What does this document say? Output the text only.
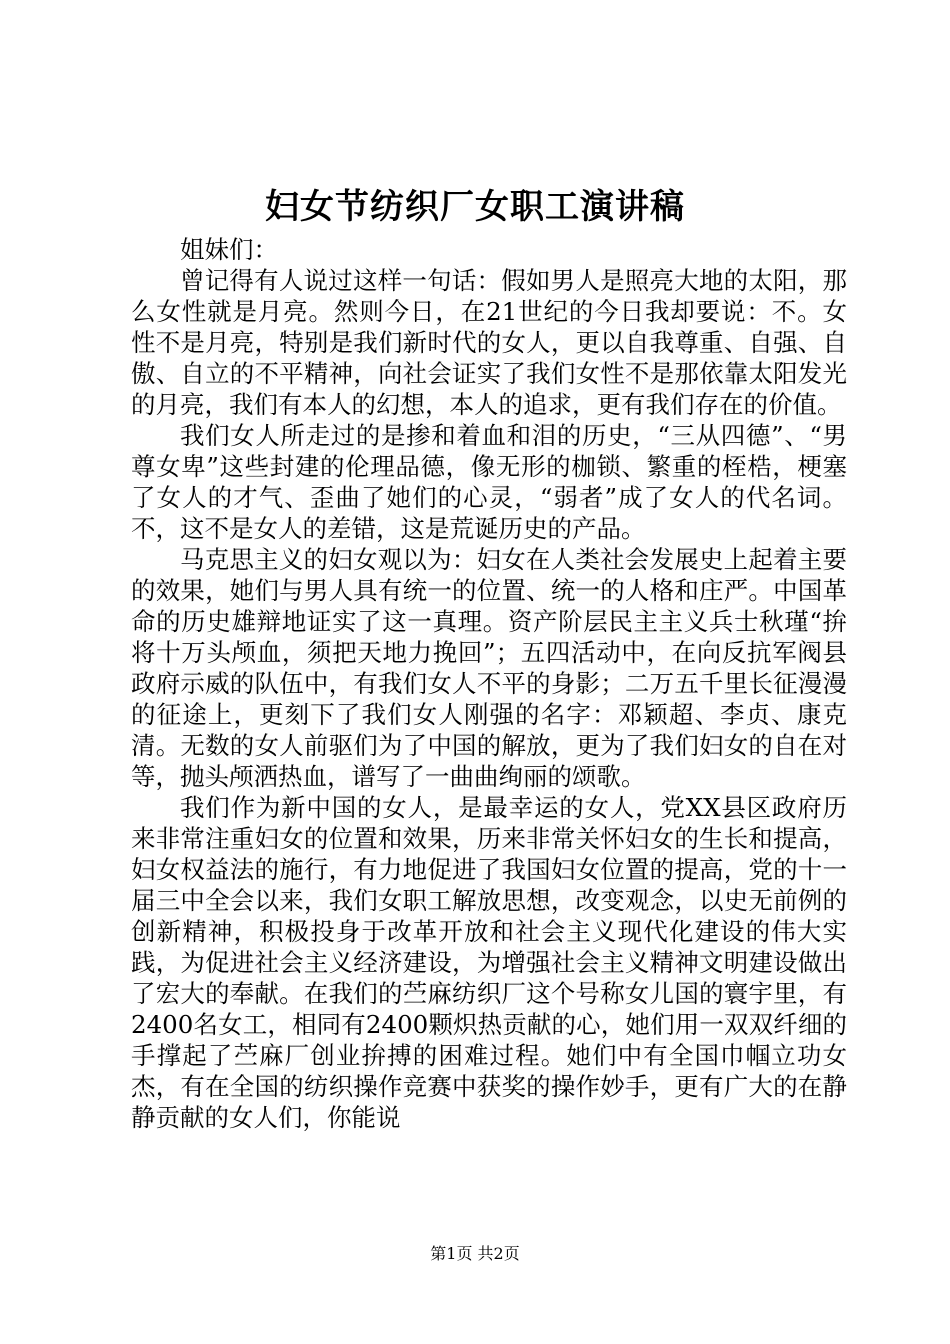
妇女节纺织厂女职工演讲稿

姐妹们：

曾记得有人说过这样一句话：假如男人是照亮大地的太阳，那么女性就是月亮。然则今日，在21世纪的今日我却要说：不。女性不是月亮，特别是我们新时代的女人，更以自我尊重、自强、自傲、自立的不平精神，向社会证实了我们女性不是那依靠太阳发光的月亮，我们有本人的幻想，本人的追求，更有我们存在的价值。

我们女人所走过的是掺和着血和泪的历史，“三从四德”、“男尊女卑”这些封建的伦理品德，像无形的枷锁、繁重的桎梏，梗塞了女人的才气、歪曲了她们的心灵，“弱者”成了女人的代名词。不，这不是女人的差错，这是荒诞历史的产品。

马克思主义的妇女观以为：妇女在人类社会发展史上起着主要的效果，她们与男人具有统一的位置、统一的人格和庄严。中国革命的历史雄辩地证实了这一真理。资产阶层民主主义兵士秋瑾“拚将十万头颅血，须把天地力挽回”；五四活动中，在向反抗军阀县政府示威的队伍中，有我们女人不平的身影；二万五千里长征漫漫的征途上，更刻下了我们女人刚强的名字：邓颖超、李贞、康克清。无数的女人前驱们为了中国的解放，更为了我们妇女的自在对等，抛头颅洒热血，谱写了一曲曲绚丽的颂歌。

我们作为新中国的女人，是最幸运的女人，党XX县区政府历来非常注重妇女的位置和效果，历来非常关怀妇女的生长和提高，妇女权益法的施行，有力地促进了我国妇女位置的提高，党的十一届三中全会以来，我们女职工解放思想，改变观念，以史无前例的创新精神，积极投身于改革开放和社会主义现代化建设的伟大实践，为促进社会主义经济建设，为增强社会主义精神文明建设做出了宏大的奉献。在我们的苎麻纺织厂这个号称女儿国的寰宇里，有2400名女工，相同有2400颗炽热贡献的心，她们用一双双纤细的手撑起了苎麻厂创业拚搏的困难过程。她们中有全国巾帼立功女杰，有在全国的纺织操作竞赛中获奖的操作妙手，更有广大的在静静贡献的女人们，你能说

第1页 共2页
